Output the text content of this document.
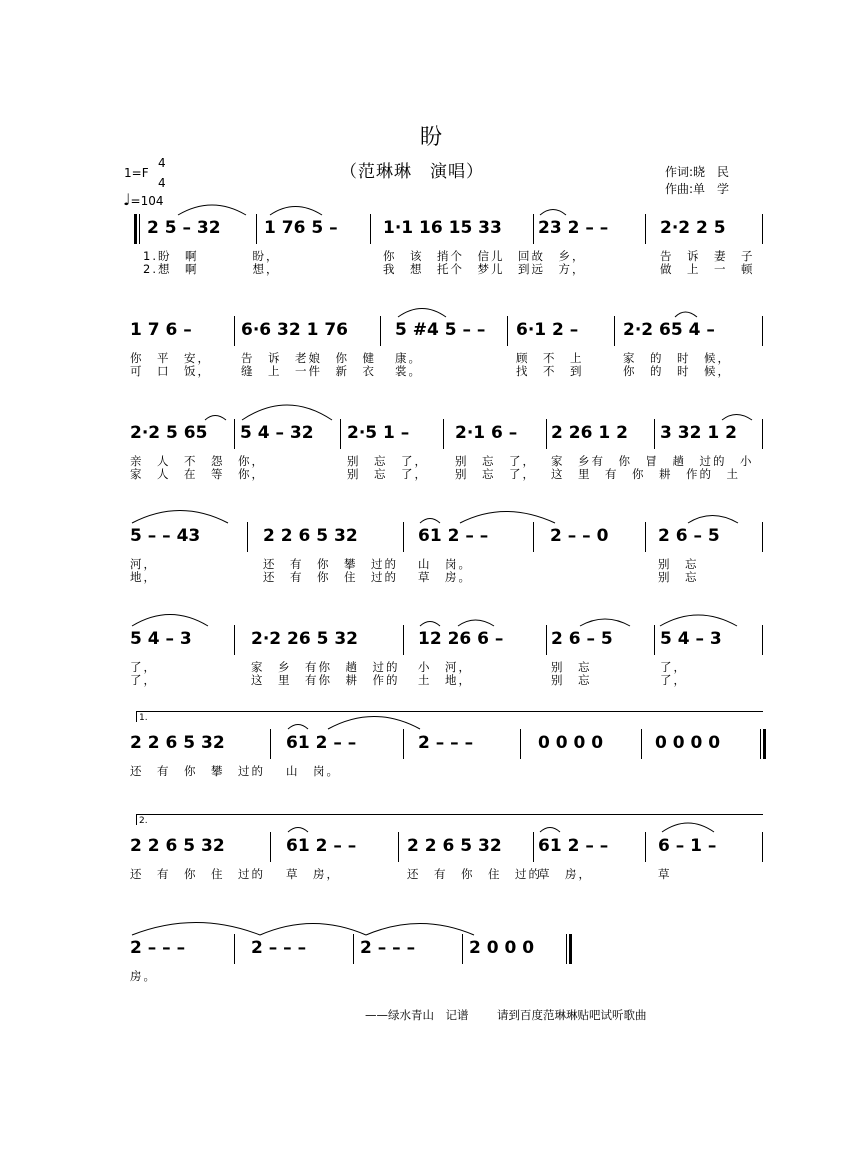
盼
（范琳琳　演唱）	作词:晓　民
作曲:单　学
1=F
4
4
♩=104
2 5 – 32	1 76 5 –	1·1 16 15 33 23 2 – –	2·2 2 5
1.盼　啊　　　　盼，	你　该　捎个　信儿　回故　乡，	告　诉　妻　子
2.想　啊　　　　想，	我　想　托个　梦儿　到远　方，	做　上　一　顿
1 7 6 –	6·6 32 1 76	5 #4 5 – – 6·1 2 –	2·2 65 4 –
你　平　安，	告　诉　老娘　你　健 康。	顾　不　上	家　的　时　候，
可　口　饭，	缝　上　一件　新　衣 裳。	找　不　到	你　的　时　候，
2·2 5 65 5 4 – 32 2·5 1 –	2·1 6 – 2 26 1 2 3 32 1 2
亲　人　不　怨　你，	别　忘　了， 别　忘　了， 家　乡有　你　冒　趟　过的　小
家　人　在　等　你，	别　忘　了， 别　忘　了， 这　里　有　你　耕　作的　土
5 – – 43	2 2 6 5 32	61 2 – –	2 – – 0	2 6 – 5
河，	还　有　你　攀　过的 山　岗。	别　忘
地，	还　有　你　住　过的 草　房。	别　忘
5 4 – 3	2·2 26 5 32	12 26 6 –	2 6 – 5	5 4 – 3
了，	家　乡　有你　趟　过的 小　河，	别　忘	了，
了，	这　里　有你　耕　作的 土　地，	别　忘	了，
1.
2 2 6 5 32	61 2 – –	2 – – –	0 0 0 0	0 0 0 0
还　有　你　攀　过的 山　岗。
2.
2 2 6 5 32	61 2 – –	2 2 6 5 32 61 2 – –	6 – 1 –
还　有　你　住　过的 草　房，	还　有　你　住　过的
草　房，	草
2 – – –	2 – – –	2 – – –	2 0 0 0
房。
——绿水青山　记谱 请到百度范琳琳贴吧试听歌曲
